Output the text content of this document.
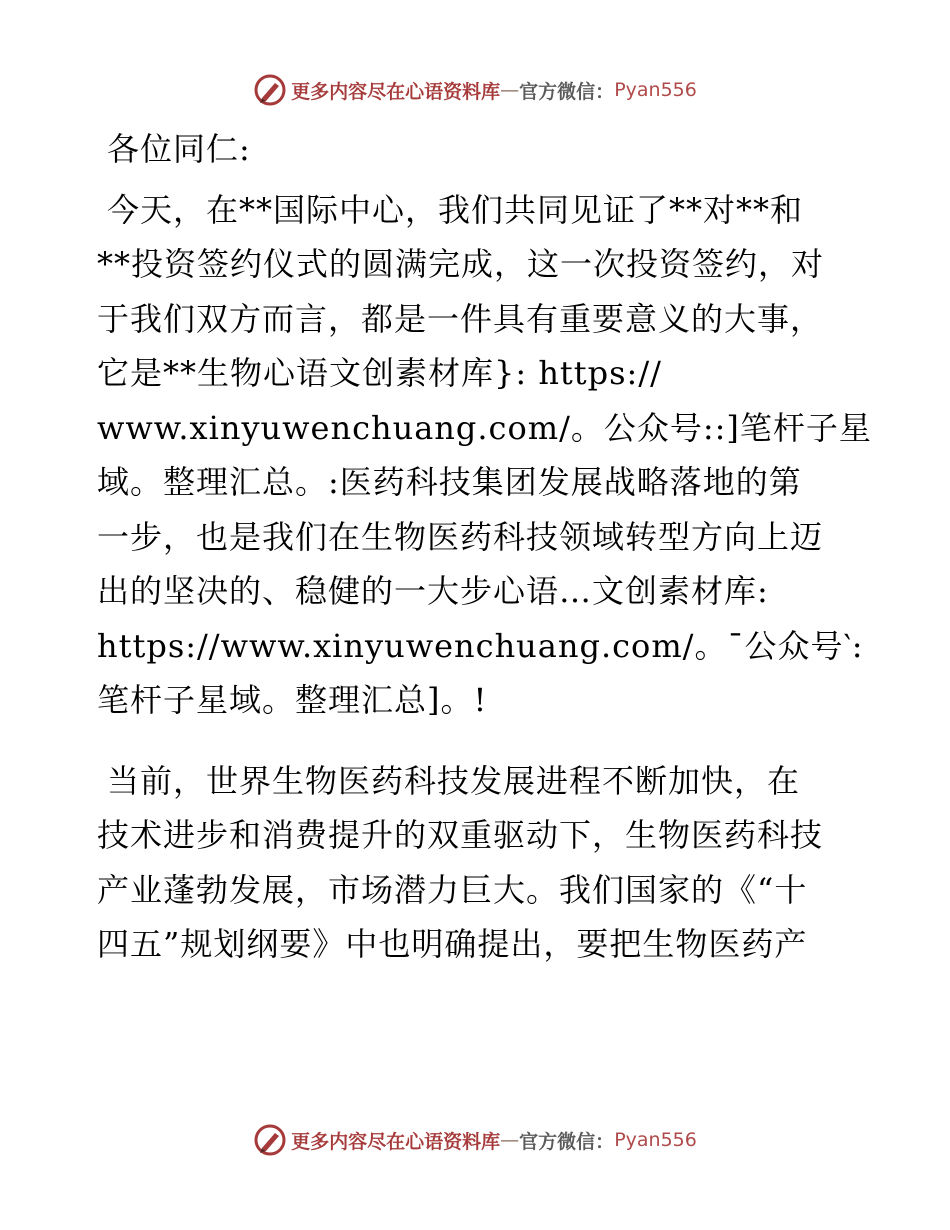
更多内容尽在心语资料库 — 官方微信： Pyan556
各位同仁:
今天，在**国际中心，我们共同见证了**对**和
**投资签约仪式的圆满完成，这一次投资签约，对
于我们双方而言，都是一件具有重要意义的大事，
它是**生物心语文创素材库}: https://
www.xinyuwenchuang.com/。公众号::]笔杆子星
域。整理汇总。:医药科技集团发展战略落地的第
一步，也是我们在生物医药科技领域转型方向上迈
出的坚决的、稳健的一大步心语…文创素材库:
https://www.xinyuwenchuang.com/。¯公众号‵:
笔杆子星域。整理汇总]。!
当前，世界生物医药科技发展进程不断加快，在
技术进步和消费提升的双重驱动下，生物医药科技
产业蓬勃发展，市场潜力巨大。我们国家的《“十
四五”规划纲要》中也明确提出，要把生物医药产
更多内容尽在心语资料库 — 官方微信： Pyan556
